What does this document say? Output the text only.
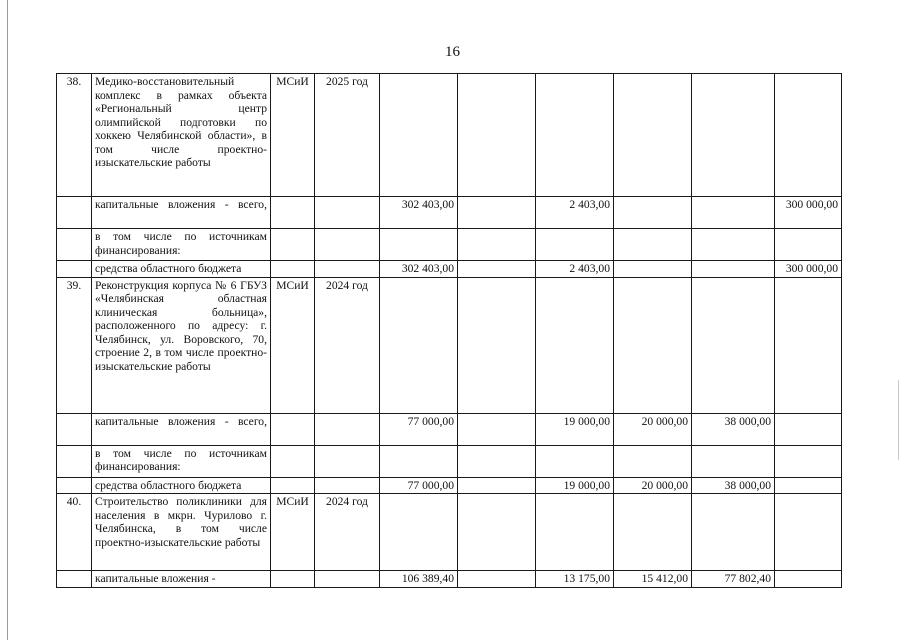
16
38.	Медико-восстановительный комплекс в рамках объекта «Региональный центр олимпийской подготовки по хоккею Челябинской области», в том числе проектно-изыскательские работы	МСиИ	2025 год						
	капитальные вложения - всего,			302 403,00		2 403,00			300 000,00
	в том числе по источникам финансирования:								
	средства областного бюджета			302 403,00		2 403,00			300 000,00
39.	Реконструкция корпуса № 6 ГБУЗ «Челябинская областная клиническая больница», расположенного по адресу: г. Челябинск, ул. Воровского, 70, строение 2, в том числе проектно-изыскательские работы	МСиИ	2024 год						
	капитальные вложения - всего,			77 000,00		19 000,00	20 000,00	38 000,00	
	в том числе по источникам финансирования:								
	средства областного бюджета			77 000,00		19 000,00	20 000,00	38 000,00	
40.	Строительство поликлиники для населения в мкрн. Чурилово г. Челябинска, в том числе проектно-изыскательские работы	МСиИ	2024 год						
	капитальные вложения -			106 389,40		13 175,00	15 412,00	77 802,40	
